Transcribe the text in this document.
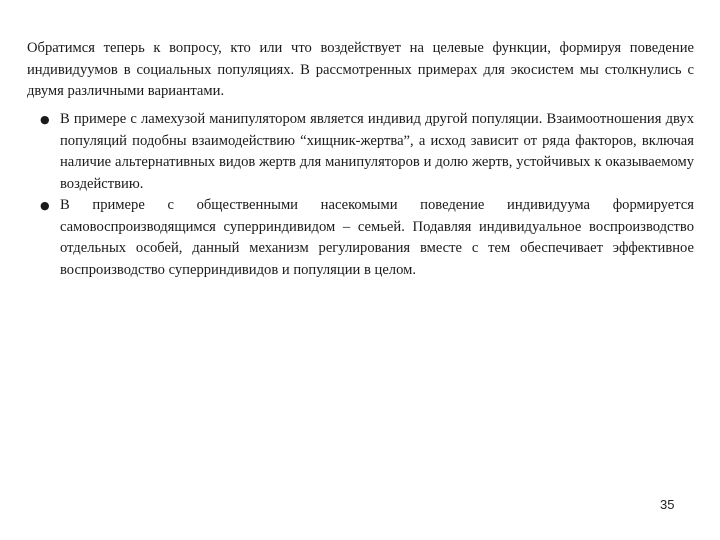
Обратимся теперь к вопросу, кто или что воздействует на целевые функции, формируя поведение индивидуумов в социальных популяциях. В рассмотренных примерах для экосистем мы столкнулись с двумя различными вариантами.

● В примере с ламехузой манипулятором является индивид другой популяции. Взаимоотношения двух популяций подобны взаимодействию “хищник-жертва”, а исход зависит от ряда факторов, включая наличие альтернативных видов жертв для манипуляторов и долю жертв, устойчивых к оказываемому воздействию.
● В примере с общественными насекомыми поведение индивидуума формируется самовоспроизводящимся суперриндивидом – семьей. Подавляя индивидуальное воспроизводство отдельных особей, данный механизм регулирования вместе с тем обеспечивает эффективное воспроизводство суперриндивидов и популяции в целом.
35
